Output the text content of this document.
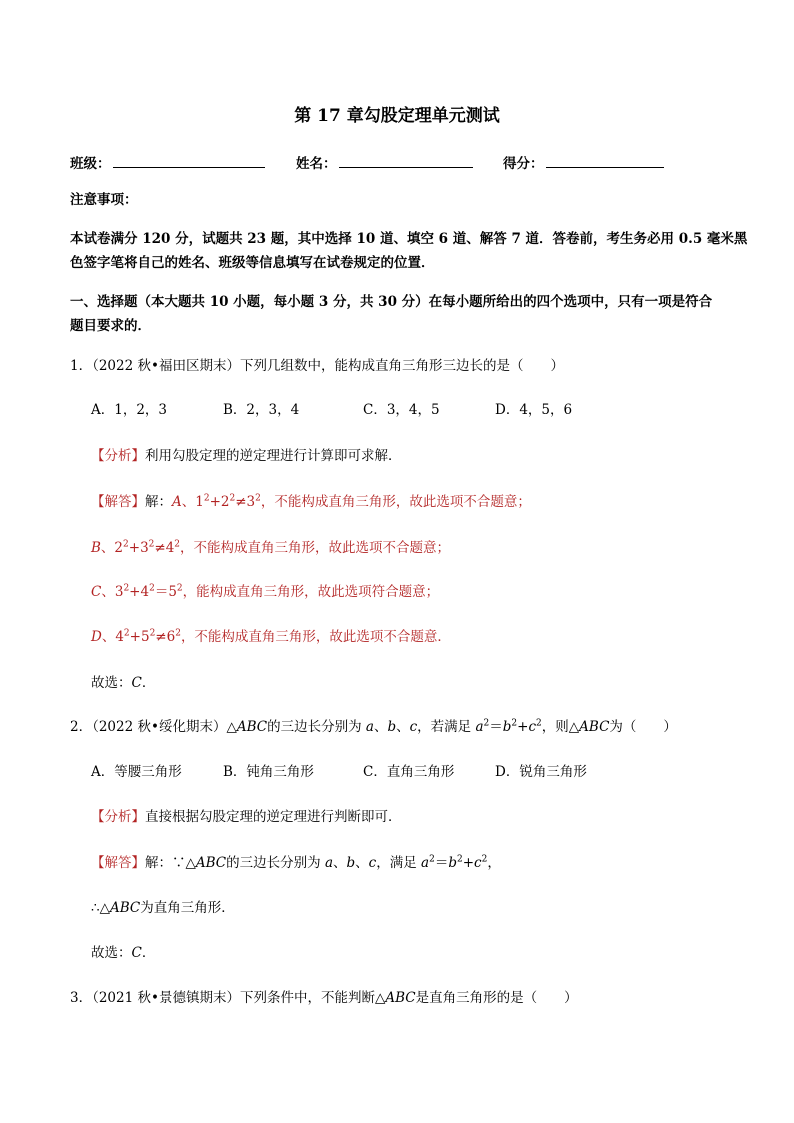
第 17 章勾股定理单元测试
班级：	姓名：	得分：
注意事项：
本试卷满分 120 分，试题共 23 题，其中选择 10 道、填空 6 道、解答 7 道．答卷前，考生务必用 0.5 毫米黑
色签字笔将自己的姓名、班级等信息填写在试卷规定的位置．
一、选择题（本大题共 10 小题，每小题 3 分，共 30 分）在每小题所给出的四个选项中，只有一项是符合
题目要求的．
1．（2022 秋•福田区期末）下列几组数中，能构成直角三角形三边长的是（　　）
A．1，2，3	B．2，3，4	C．3，4，5	D．4，5，6
【分析】利用勾股定理的逆定理进行计算即可求解．
【解答】解：A、$1^2+2^2\ne 3^2$，不能构成直角三角形，故此选项不合题意；
B、$2^2+3^2\ne 4^2$，不能构成直角三角形，故此选项不合题意；
C、$3^2+4^2=5^2$，能构成直角三角形，故此选项符合题意；
D、$4^2+5^2\ne 6^2$，不能构成直角三角形，故此选项不合题意．
故选：C．
2．（2022 秋•绥化期末）△ABC的三边长分别为 a、b、c，若满足 $a^2=b^2+c^2$，则△ABC为（　　）
A．等腰三角形	B．钝角三角形	C．直角三角形	D．锐角三角形
【分析】直接根据勾股定理的逆定理进行判断即可．
【解答】解：∵△ABC的三边长分别为 a、b、c，满足 $a^2=b^2+c^2$，
∴△ABC为直角三角形．
故选：C．
3．（2021 秋•景德镇期末）下列条件中，不能判断△ABC是直角三角形的是（　　）
